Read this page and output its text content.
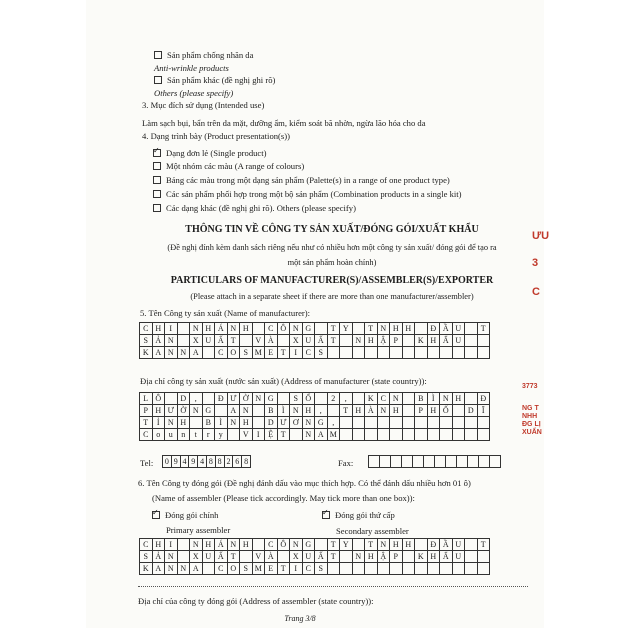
Sản phẩm chống nhăn da
Anti-wrinkle products
Sản phẩm khác (đề nghị ghi rõ)
Others (please specify)
3. Mục đích sử dụng (Intended use)
Làm sạch bụi, bẩn trên da mặt, dưỡng ẩm, kiểm soát bã nhờn, ngừa lão hóa cho da
4. Dạng trình bày (Product presentation(s))
✓Dạng đơn lẻ (Single product)
Một nhóm các màu (A range of colours)
Bảng các màu trong một dạng sản phẩm (Palette(s) in a range of one product type)
Các sản phẩm phối hợp trong một bộ sản phẩm (Combination products in a single kit)
Các dạng khác (đề nghị ghi rõ). Others (please specify)
THÔNG TIN VỀ CÔNG TY SẢN XUẤT/ĐÓNG GÓI/XUẤT KHẨU
(Đề nghị đính kèm danh sách riêng nếu như có nhiều hơn một công ty sản xuất/ đóng gói để tạo ra
một sản phẩm hoàn chỉnh)
PARTICULARS OF MANUFACTURER(S)/ASSEMBLER(S)/EXPORTER
(Please attach in a separate sheet if there are more than one manufacturer/assembler)
5. Tên Công ty sản xuất (Name of manufacturer):
C H	I	N H Á N H	C Ô N G	T Y	T N H H	Đ Ầ U	T
S Ả N	X U Ấ T	V À	X U Ấ T	N H Ậ P	K H Ẩ U
K A N N A	C O S M E T	I	C S
Địa chỉ công ty sản xuất (nước sản xuất) (Address of manufacturer (state country)):
L Ô	D	,	Đ Ư Ờ N G	S Ố	2	,	K C N	B	Ì	N H	Đ
P H Ư Ờ N G	A N	B	Ì	N H	,	T H À N H	P H Ố	D	Ĩ
T	Ỉ	N H	B	Ì	N H	D Ư Ơ N G	,
C o	u	n	t	r	y	V	I	Ệ T	N A M
Tel: 0 9 4 9 4 8 8 2 6 8	Fax:
6. Tên Công ty đóng gói (Đề nghị đánh dấu vào mục thích hợp. Có thể đánh dấu nhiều hơn 01 ô)
(Name of assembler (Please tick accordingly. May tick more than one box)):
✓Đóng gói chính
Primary assembler
✓Đóng gói thứ cấp
Secondary assembler
C H	I	N H Á N H	C Ô N G	T Y	T N H H	Đ Ầ U	T
S Ả N	X U Ấ T	V À	X U Ấ T	N H Ậ P	K H Ẩ U
K A N N A	C O S M E T	I	C S
Địa chỉ của công ty đóng gói (Address of assembler (state country)):
Trang 3/8
ƯU
3
C
3773
NG T
NHH
ĐG LỊ
XUẤN
